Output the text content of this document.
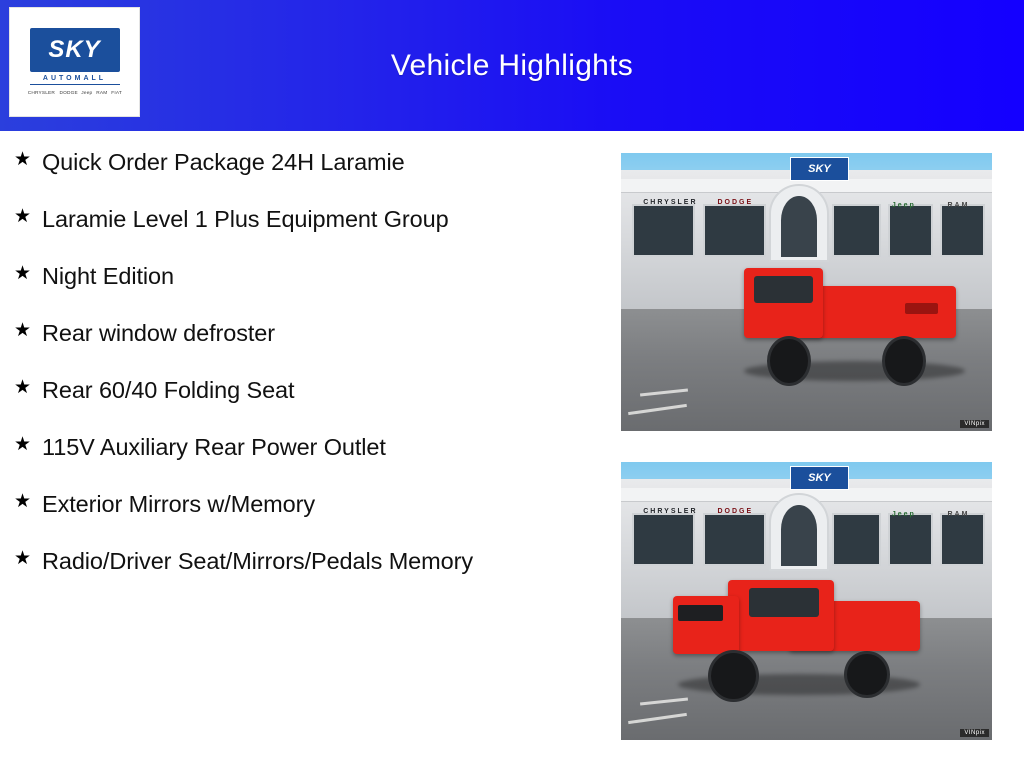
SKY
AUTOMALL
CHRYSLER DODGE Jeep RAM FIAT
Vehicle Highlights
★ Quick Order Package 24H Laramie
★ Laramie Level 1 Plus Equipment Group
★ Night Edition
★ Rear window defroster
★ Rear 60/40 Folding Seat
★ 115V Auxiliary Rear Power Outlet
★ Exterior Mirrors w/Memory
★ Radio/Driver Seat/Mirrors/Pedals Memory
SKY
CHRYSLER	DODGE	Jeep	RAM
VINpix
SKY
CHRYSLER	DODGE	Jeep	RAM
VINpix
